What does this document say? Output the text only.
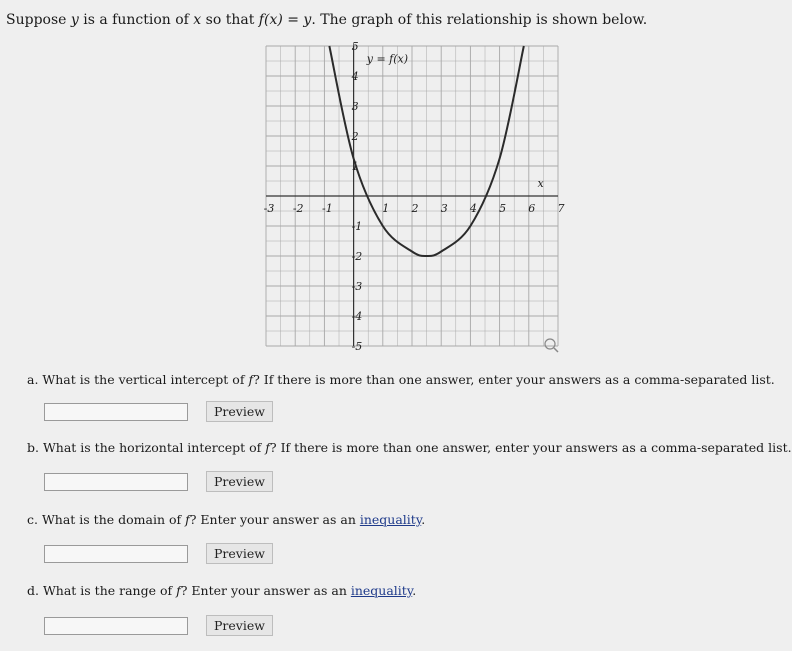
Suppose y is a function of x so that f(x) = y. The graph of this relationship is shown below.
-3 -2 -1	1 2 3 4 5 6 7
-5
-4
-3
-2
-1
1
2
3
4
5
y = f(x)
x
a. What is the vertical intercept of f? If there is more than one answer, enter your answers as a comma-separated list.
Preview
b. What is the horizontal intercept of f? If there is more than one answer, enter your answers as a comma-separated list.
Preview
c. What is the domain of f? Enter your answer as an inequality.
Preview
d. What is the range of f? Enter your answer as an inequality.
Preview
